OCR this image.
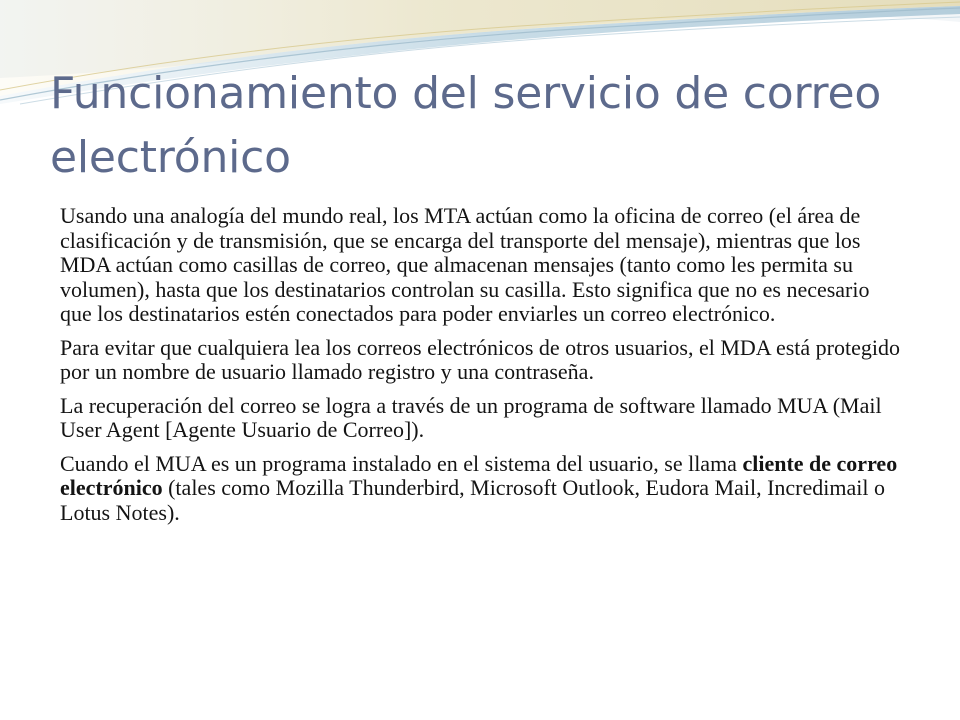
Funcionamiento del servicio de correo electrónico

Usando una analogía del mundo real, los MTA actúan como la oficina de correo (el área de clasificación y de transmisión, que se encarga del transporte del mensaje), mientras que los MDA actúan como casillas de correo, que almacenan mensajes (tanto como les permita su volumen), hasta que los destinatarios controlan su casilla. Esto significa que no es necesario que los destinatarios estén conectados para poder enviarles un correo electrónico.

Para evitar que cualquiera lea los correos electrónicos de otros usuarios, el MDA está protegido por un nombre de usuario llamado registro y una contraseña.

La recuperación del correo se logra a través de un programa de software llamado MUA (Mail User Agent [Agente Usuario de Correo]).

Cuando el MUA es un programa instalado en el sistema del usuario, se llama cliente de correo electrónico (tales como Mozilla Thunderbird, Microsoft Outlook, Eudora Mail, Incredimail o Lotus Notes).
